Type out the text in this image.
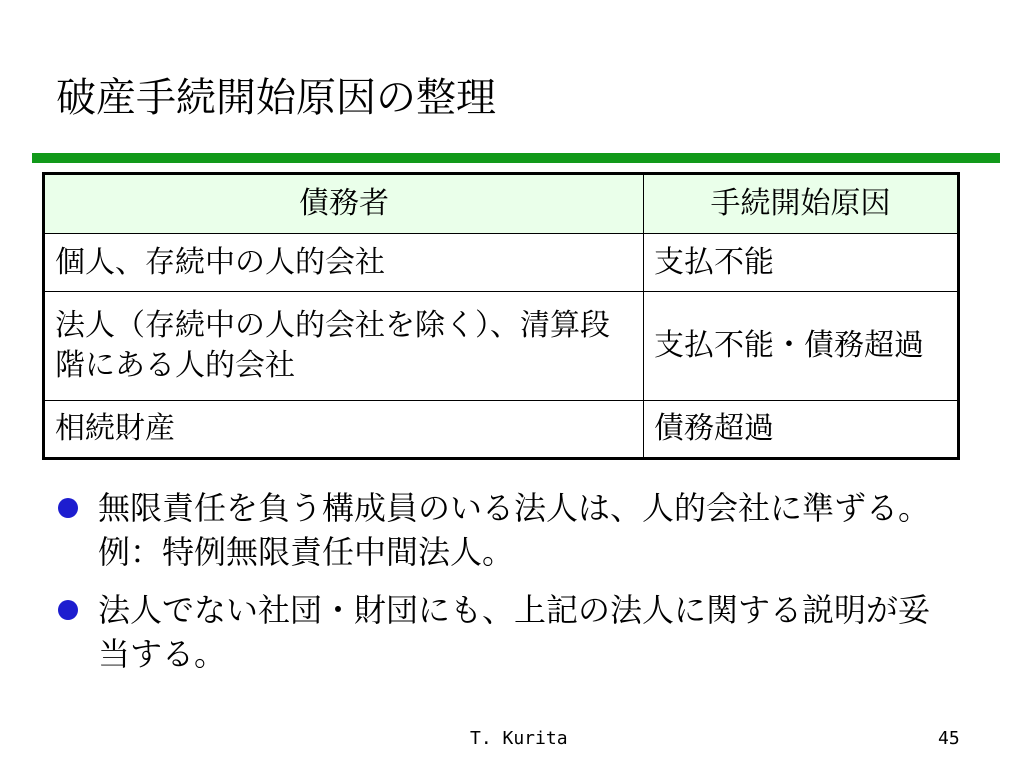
破産手続開始原因の整理
債務者	手続開始原因
個人、存続中の人的会社	支払不能
法人（存続中の人的会社を除く）、清算段階にある人的会社	支払不能・債務超過
相続財産	債務超過
無限責任を負う構成員のいる法人は、人的会社に準ずる。例：特例無限責任中間法人。
法人でない社団・財団にも、上記の法人に関する説明が妥当する。
T. Kurita	45
